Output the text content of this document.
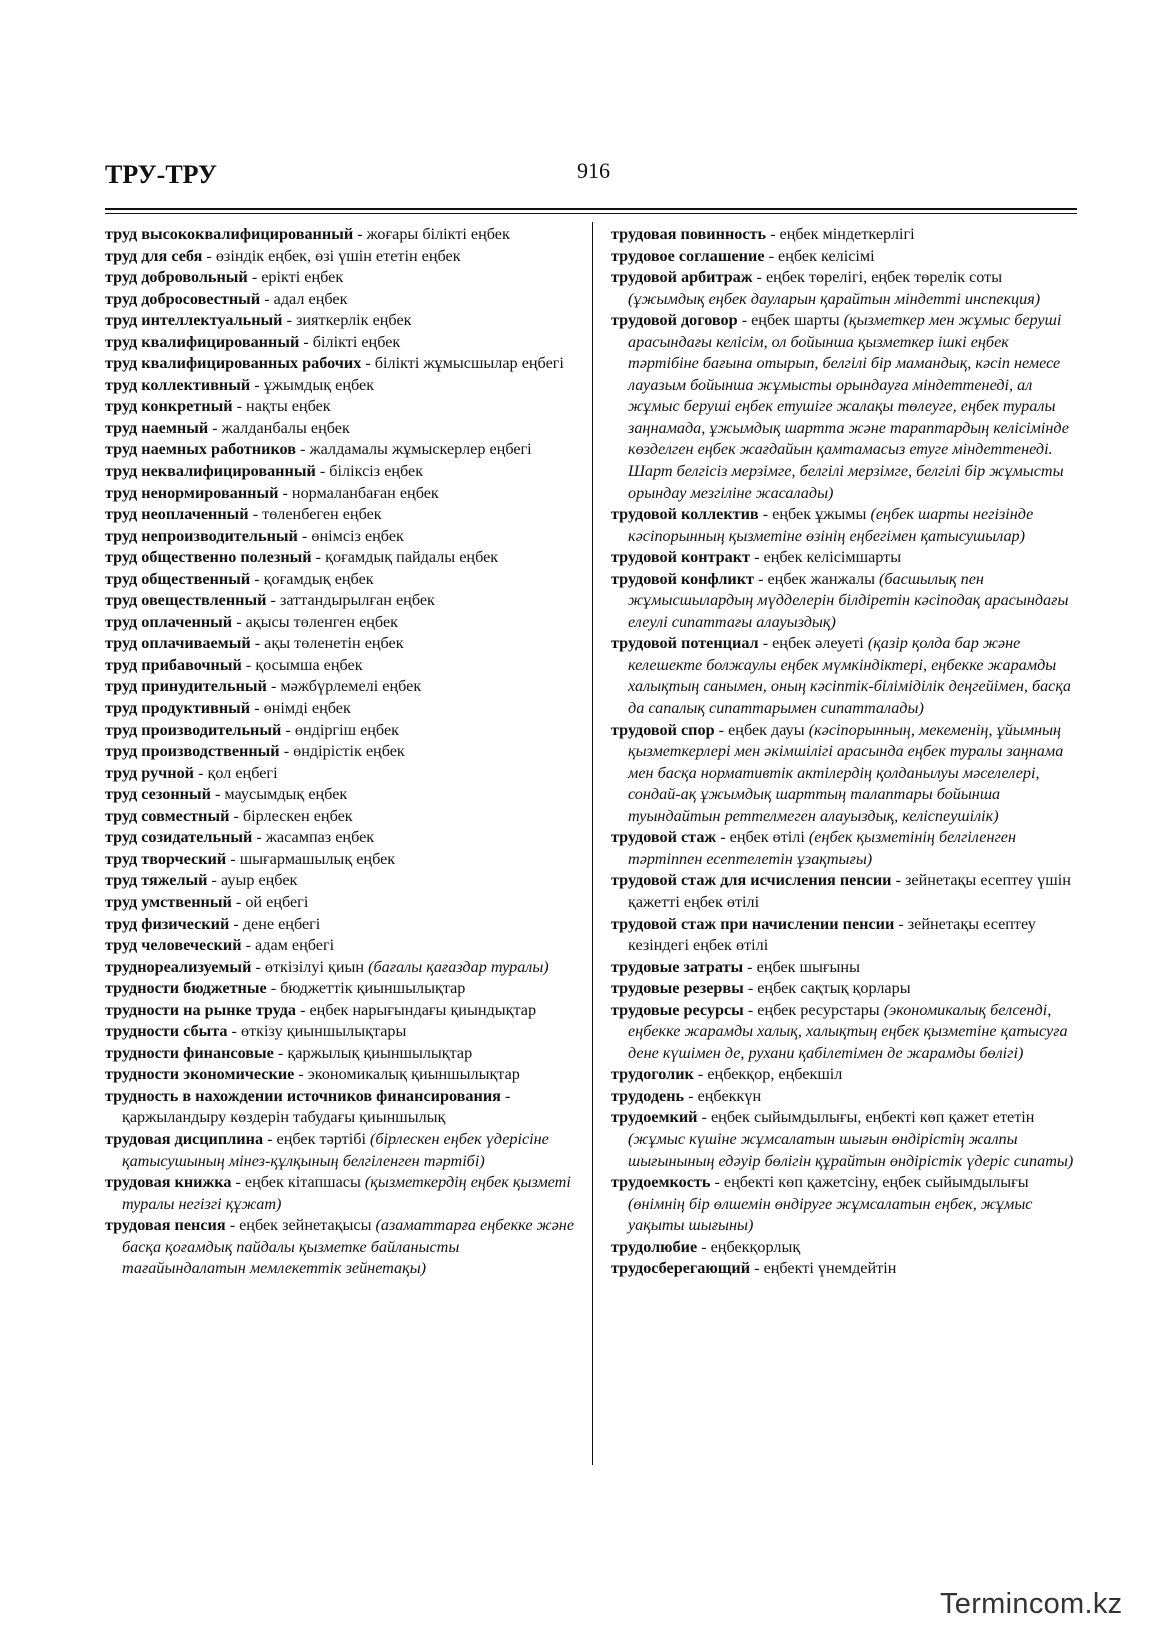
ТРУ-ТРУ	916

труд высококвалифицированный - жоғары білікті еңбек

труд для себя - өзіндік еңбек, өзі үшін ететін еңбек

труд добровольный - ерікті еңбек

труд добросовестный - адал еңбек

труд интеллектуальный - зияткерлік еңбек

труд квалифицированный - білікті еңбек

труд квалифицированных рабочих - білікті жұмысшылар еңбегі

труд коллективный - ұжымдық еңбек

труд конкретный - нақты еңбек

труд наемный - жалданбалы еңбек

труд наемных работников - жалдамалы жұмыскерлер еңбегі

труд неквалифицированный - біліксіз еңбек

труд ненормированный - нормаланбаған еңбек

труд неоплаченный - төленбеген еңбек

труд непроизводительный - өнімсіз еңбек

труд общественно полезный - қоғамдық пайдалы еңбек

труд общественный - қоғамдық еңбек

труд овеществленный - заттандырылған еңбек

труд оплаченный - ақысы төленген еңбек

труд оплачиваемый - ақы төленетін еңбек

труд прибавочный - қосымша еңбек

труд принудительный - мәжбүрлемелі еңбек

труд продуктивный - өнімді еңбек

труд производительный - өндіргіш еңбек

труд производственный - өндірістік еңбек

труд ручной - қол еңбегі

труд сезонный - маусымдық еңбек

труд совместный - бірлескен еңбек

труд созидательный - жасампаз еңбек

труд творческий - шығармашылық еңбек

труд тяжелый - ауыр еңбек

труд умственный - ой еңбегі

труд физический - дене еңбегі

труд человеческий - адам еңбегі

труднореализуемый - өткізілуі қиын (бағалы қағаздар туралы)

трудности бюджетные - бюджеттік қиыншылықтар

трудности на рынке труда - еңбек нарығындағы қиындықтар

трудности сбыта - өткізу қиыншылықтары

трудности финансовые - қаржылық қиыншылықтар

трудности экономические - экономикалық қиыншылықтар

трудность в нахождении источников финансирования - қаржыландыру көздерін табудағы қиыншылық

трудовая дисциплина - еңбек тәртібі (бірлескен еңбек үдерісіне қатысушының мінез-құлқының белгіленген тәртібі)

трудовая книжка - еңбек кітапшасы (қызметкердің еңбек қызметі туралы негізгі құжат)

трудовая пенсия - еңбек зейнетақысы (азаматтарға еңбекке және басқа қоғамдық пайдалы қызметке байланысты тағайындалатын мемлекеттік зейнетақы)

трудовая повинность - еңбек міндеткерлігі

трудовое соглашение - еңбек келісімі

трудовой арбитраж - еңбек төрелігі, еңбек төрелік соты (ұжымдық еңбек дауларын қарайтын міндетті инспекция)

трудовой договор - еңбек шарты (қызметкер мен жұмыс беруші арасындағы келісім, ол бойынша қызметкер ішкі еңбек тәртібіне бағына отырып, белгілі бір мамандық, кәсіп немесе лауазым бойынша жұмысты орындауға міндеттенеді, ал жұмыс беруші еңбек етушіге жалақы төлеуге, еңбек туралы заңнамада, ұжымдық шартта және тараптардың келісімінде көзделген еңбек жағдайын қамтамасыз етуге міндеттенеді. Шарт белгісіз мерзімге, белгілі мерзімге, белгілі бір жұмысты орындау мезгіліне жасалады)

трудовой коллектив - еңбек ұжымы (еңбек шарты негізінде кәсіпорынның қызметіне өзінің еңбегімен қатысушылар)

трудовой контракт - еңбек келісімшарты

трудовой конфликт - еңбек жанжалы (басшылық пен жұмысшылардың мүдделерін білдіретін кәсіподақ арасындағы елеулі сипаттағы алауыздық)

трудовой потенциал - еңбек әлеуеті (қазір қолда бар және келешекте болжаулы еңбек мүмкіндіктері, еңбекке жарамды халықтың санымен, оның кәсіптік-біліміділік деңгейімен, басқа да сапалық сипаттарымен сипатталады)

трудовой спор - еңбек дауы (кәсіпорынның, мекеменің, ұйымның қызметкерлері мен әкімшілігі арасында еңбек туралы заңнама мен басқа нормативтік актілердің қолданылуы мәселелері, сондай-ақ ұжымдық шарттың талаптары бойынша туындайтын реттелмеген алауыздық, келіспеушілік)

трудовой стаж - еңбек өтілі (еңбек қызметінің белгіленген тәртіппен есептелетін ұзақтығы)

трудовой стаж для исчисления пенсии - зейнетақы есептеу үшін қажетті еңбек өтілі

трудовой стаж при начислении пенсии - зейнетақы есептеу кезіндегі еңбек өтілі

трудовые затраты - еңбек шығыны

трудовые резервы - еңбек сақтық қорлары

трудовые ресурсы - еңбек ресурстары (экономикалық белсенді, еңбекке жарамды халық, халықтың еңбек қызметіне қатысуға дене күшімен де, рухани қабілетімен де жарамды бөлігі)

трудоголик - еңбекқор, еңбекшіл

трудодень - еңбеккүн

трудоемкий - еңбек сыйымдылығы, еңбекті көп қажет ететін (жұмыс күшіне жұмсалатын шығын өндірістің жалпы шығынының едәуір бөлігін құрайтын өндірістік үдеріс сипаты)

трудоемкость - еңбекті көп қажетсіну, еңбек сыйымдылығы (өнімнің бір өлшемін өндіруге жұмсалатын еңбек, жұмыс уақыты шығыны)

трудолюбие - еңбекқорлық

трудосберегающий - еңбекті үнемдейтін

Termincom.kz
